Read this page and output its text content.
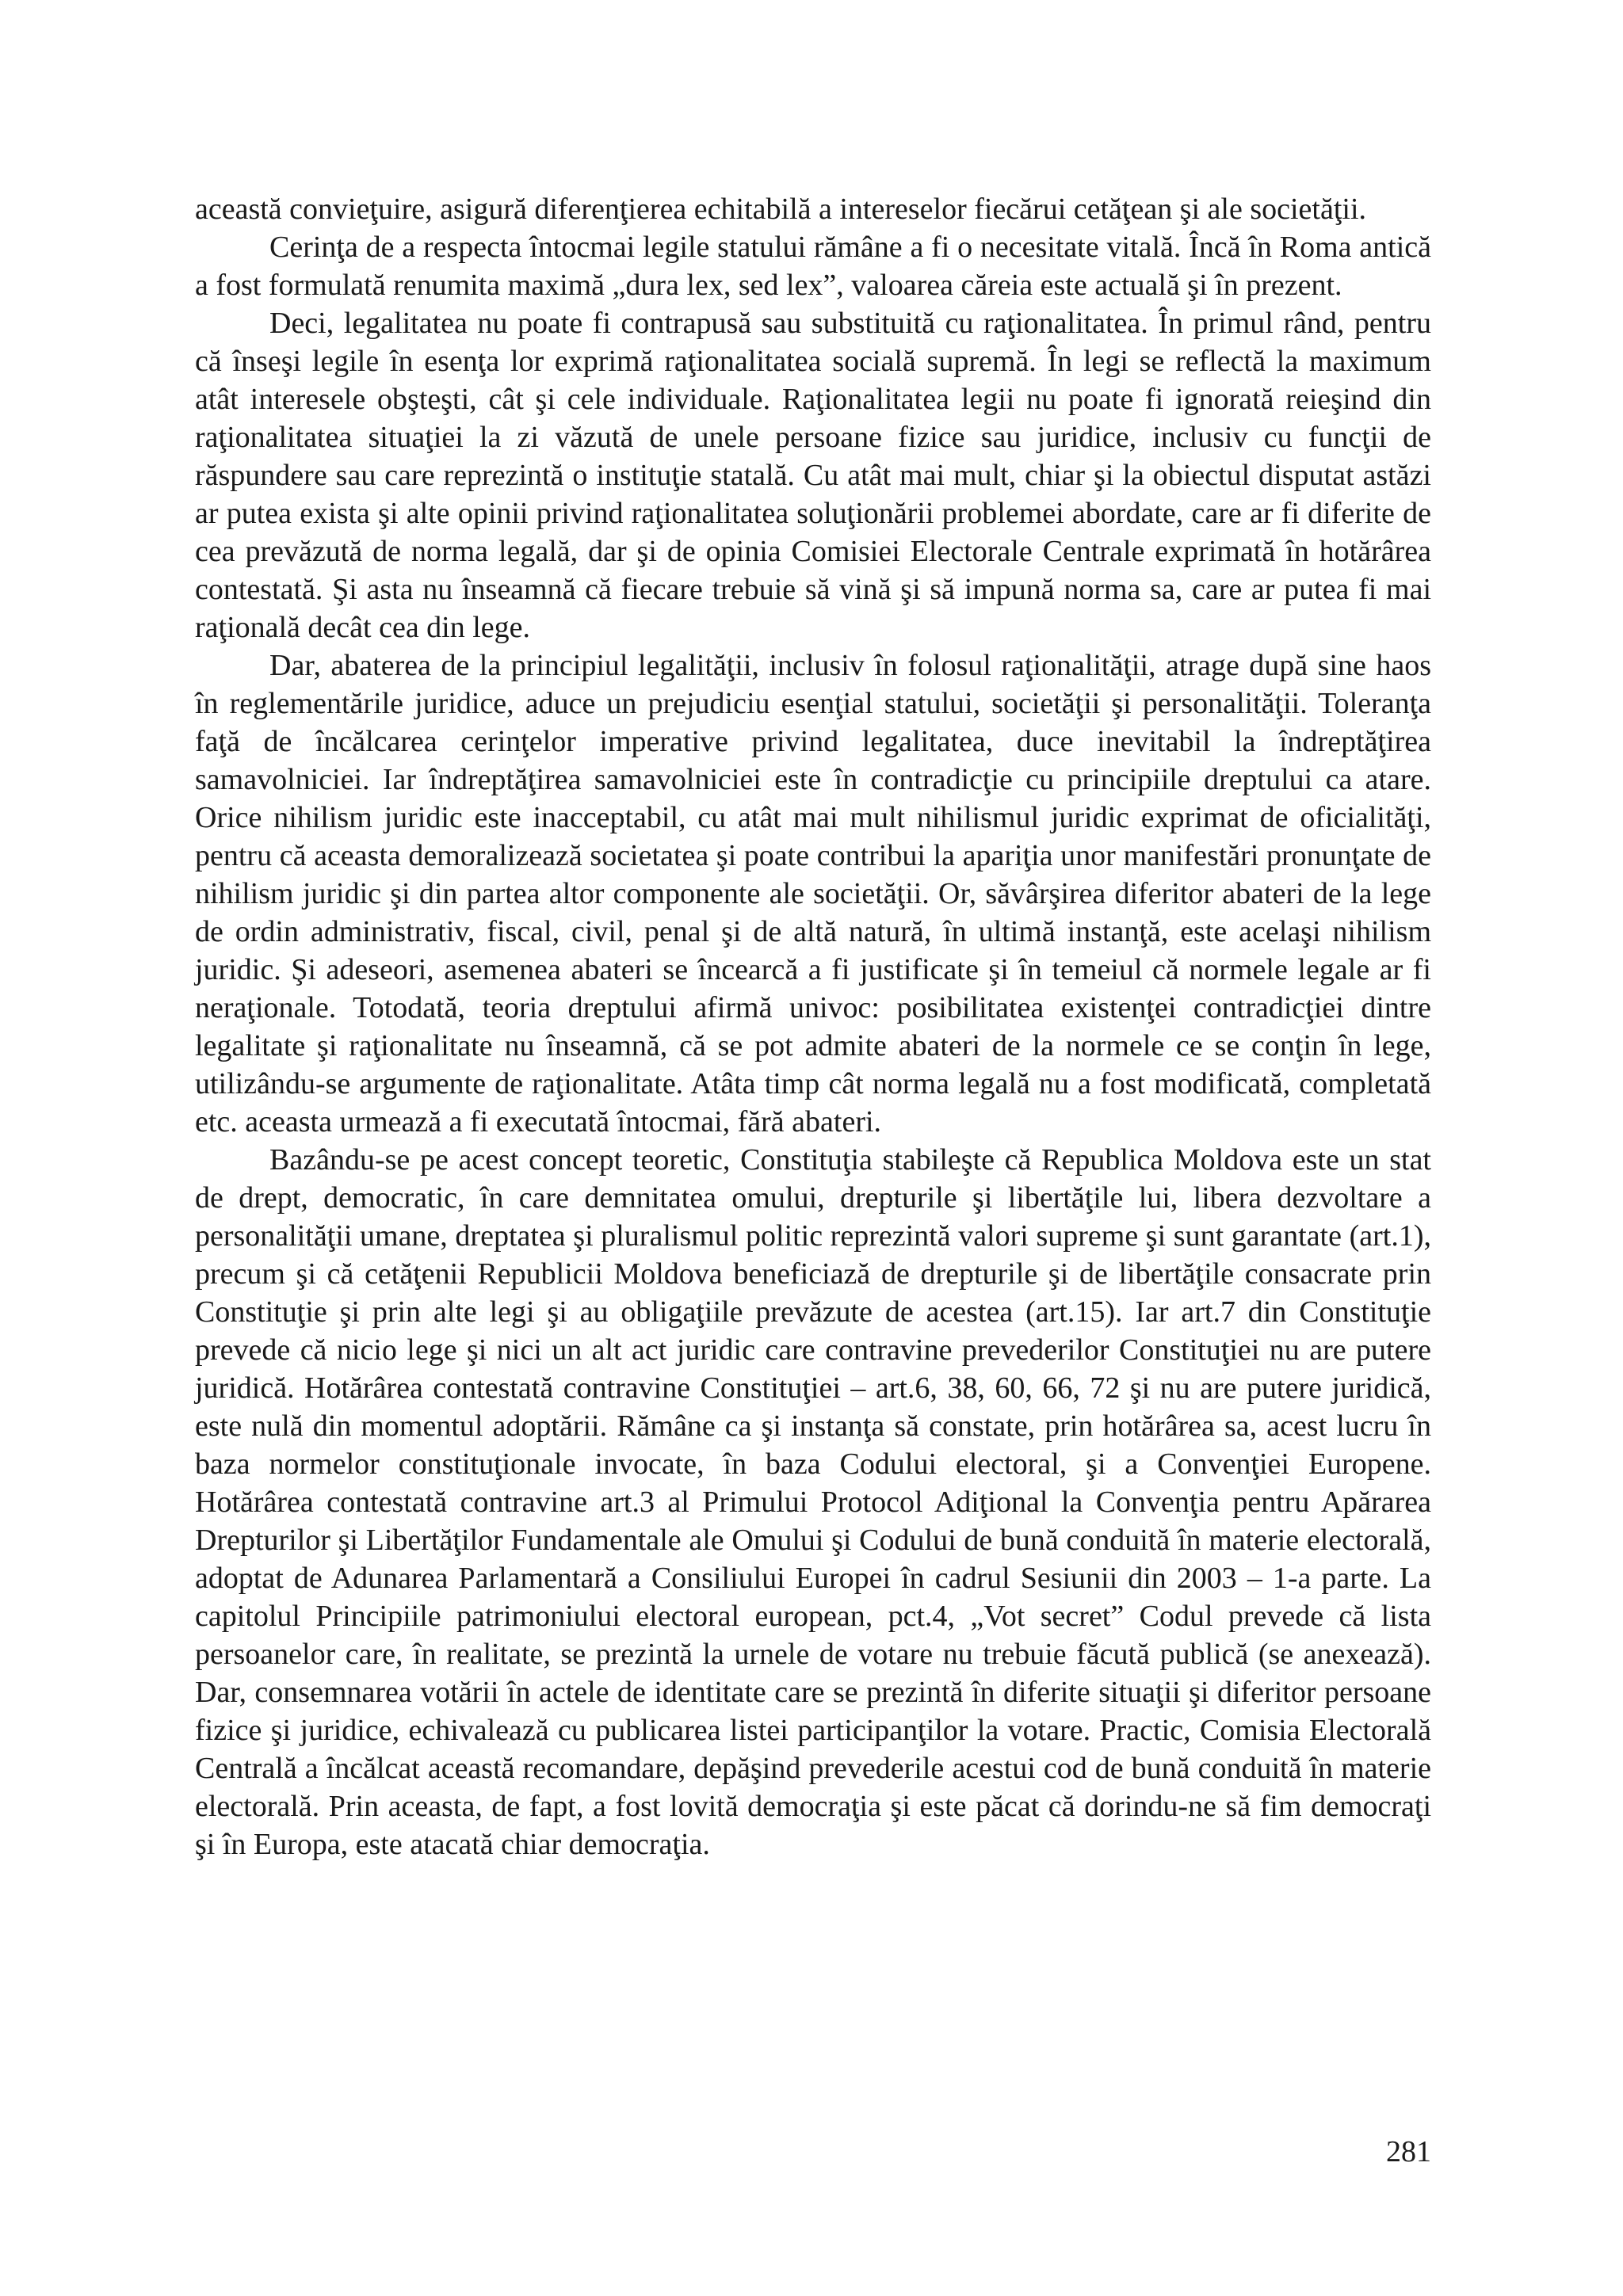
această convieţuire, asigură diferenţierea echitabilă a intereselor fiecărui cetăţean şi ale societăţii.

Cerinţa de a respecta întocmai legile statului rămâne a fi o necesitate vitală. Încă în Roma antică a fost formulată renumita maximă „dura lex, sed lex”, valoarea căreia este actuală şi în prezent.

Deci, legalitatea nu poate fi contrapusă sau substituită cu raţionalitatea. În primul rând, pentru că înseşi legile în esenţa lor exprimă raţionalitatea socială supremă. În legi se reflectă la maximum atât interesele obşteşti, cât şi cele individuale. Raţionalitatea legii nu poate fi ignorată reieşind din raţionalitatea situaţiei la zi văzută de unele persoane fizice sau juridice, inclusiv cu funcţii de răspundere sau care reprezintă o instituţie statală. Cu atât mai mult, chiar şi la obiectul disputat astăzi ar putea exista şi alte opinii privind raţionalitatea soluţionării problemei abordate, care ar fi diferite de cea prevăzută de norma legală, dar şi de opinia Comisiei Electorale Centrale exprimată în hotărârea contestată. Şi asta nu înseamnă că fiecare trebuie să vină şi să impună norma sa, care ar putea fi mai raţională decât cea din lege.

Dar, abaterea de la principiul legalităţii, inclusiv în folosul raţionalităţii, atrage după sine haos în reglementările juridice, aduce un prejudiciu esenţial statului, societăţii şi personalităţii. Toleranţa faţă de încălcarea cerinţelor imperative privind legalitatea, duce inevitabil la îndreptăţirea samavolniciei. Iar îndreptăţirea samavolniciei este în contradicţie cu principiile dreptului ca atare. Orice nihilism juridic este inacceptabil, cu atât mai mult nihilismul juridic exprimat de oficialităţi, pentru că aceasta demoralizează societatea şi poate contribui la apariţia unor manifestări pronunţate de nihilism juridic şi din partea altor componente ale societăţii. Or, săvârşirea diferitor abateri de la lege de ordin administrativ, fiscal, civil, penal şi de altă natură, în ultimă instanţă, este acelaşi nihilism juridic. Şi adeseori, asemenea abateri se încearcă a fi justificate şi în temeiul că normele legale ar fi neraţionale. Totodată, teoria dreptului afirmă univoc: posibilitatea existenţei contradicţiei dintre legalitate şi raţionalitate nu înseamnă, că se pot admite abateri de la normele ce se conţin în lege, utilizându-se argumente de raţionalitate. Atâta timp cât norma legală nu a fost modificată, completată etc. aceasta urmează a fi executată întocmai, fără abateri.

Bazându-se pe acest concept teoretic, Constituţia stabileşte că Republica Moldova este un stat de drept, democratic, în care demnitatea omului, drepturile şi libertăţile lui, libera dezvoltare a personalităţii umane, dreptatea şi pluralismul politic reprezintă valori supreme şi sunt garantate (art.1), precum şi că cetăţenii Republicii Moldova beneficiază de drepturile şi de libertăţile consacrate prin Constituţie şi prin alte legi şi au obligaţiile prevăzute de acestea (art.15). Iar art.7 din Constituţie prevede că nicio lege şi nici un alt act juridic care contravine prevederilor Constituţiei nu are putere juridică. Hotărârea contestată contravine Constituţiei – art.6, 38, 60, 66, 72 şi nu are putere juridică, este nulă din momentul adoptării. Rămâne ca şi instanţa să constate, prin hotărârea sa, acest lucru în baza normelor constituţionale invocate, în baza Codului electoral, şi a Convenţiei Europene. Hotărârea contestată contravine art.3 al Primului Protocol Adiţional la Convenţia pentru Apărarea Drepturilor şi Libertăţilor Fundamentale ale Omului şi Codului de bună conduită în materie electorală, adoptat de Adunarea Parlamentară a Consiliului Europei în cadrul Sesiunii din 2003 – 1-a parte. La capitolul Principiile patrimoniului electoral european, pct.4, „Vot secret” Codul prevede că lista persoanelor care, în realitate, se prezintă la urnele de votare nu trebuie făcută publică (se anexează). Dar, consemnarea votării în actele de identitate care se prezintă în diferite situaţii şi diferitor persoane fizice şi juridice, echivalează cu publicarea listei participanţilor la votare. Practic, Comisia Electorală Centrală a încălcat această recomandare, depăşind prevederile acestui cod de bună conduită în materie electorală. Prin aceasta, de fapt, a fost lovită democraţia şi este păcat că dorindu-ne să fim democraţi şi în Europa, este atacată chiar democraţia.

281
